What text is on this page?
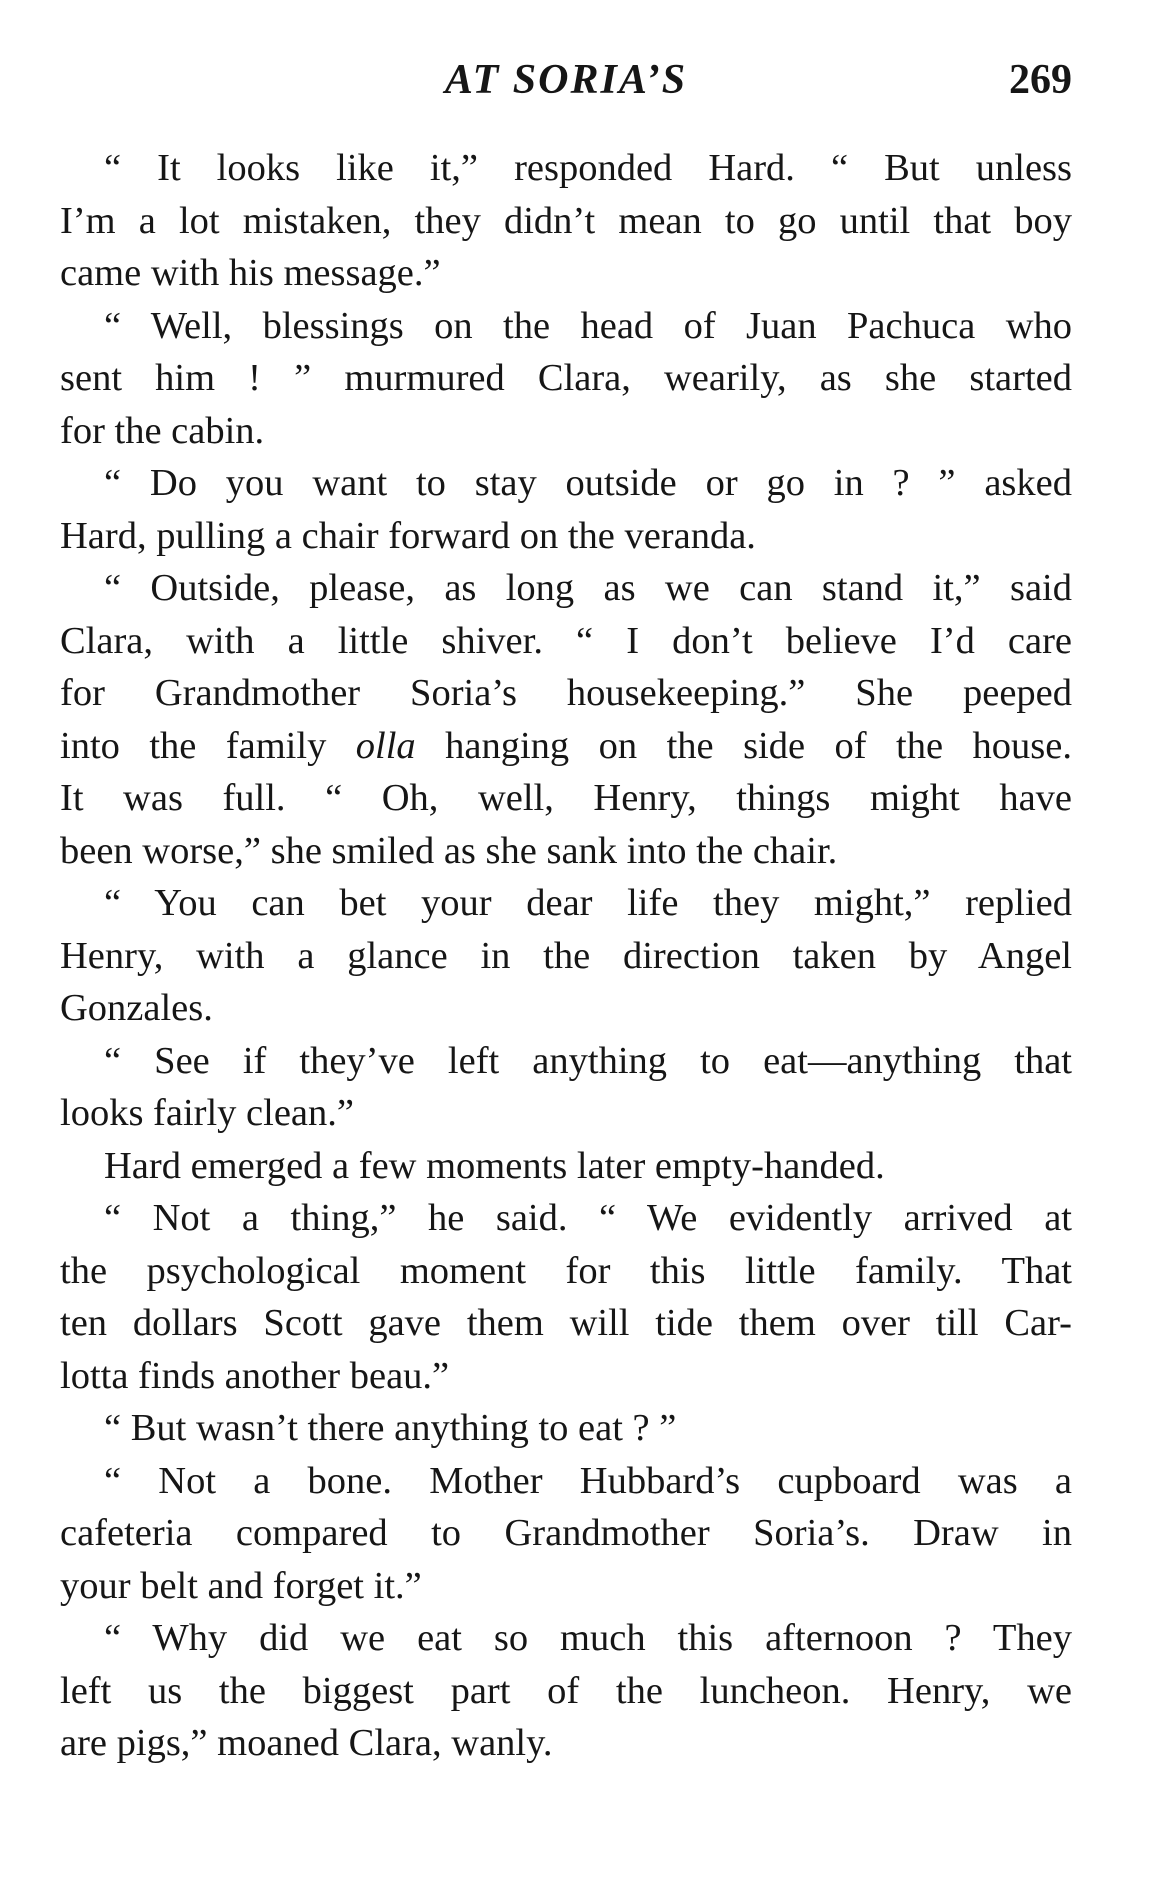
AT SORIA’S	269
“ It looks like it,” responded Hard. “ But unless
I’m a lot mistaken, they didn’t mean to go until that boy
came with his message.”
“ Well, blessings on the head of Juan Pachuca who
sent him ! ” murmured Clara, wearily, as she started
for the cabin.
“ Do you want to stay outside or go in ? ” asked
Hard, pulling a chair forward on the veranda.
“ Outside, please, as long as we can stand it,” said
Clara, with a little shiver. “ I don’t believe I’d care
for Grandmother Soria’s housekeeping.” She peeped
into the family olla hanging on the side of the house.
It was full. “ Oh, well, Henry, things might have
been worse,” she smiled as she sank into the chair.
“ You can bet your dear life they might,” replied
Henry, with a glance in the direction taken by Angel
Gonzales.
“ See if they’ve left anything to eat—anything that
looks fairly clean.”
Hard emerged a few moments later empty-handed.
“ Not a thing,” he said. “ We evidently arrived at
the psychological moment for this little family. That
ten dollars Scott gave them will tide them over till Car-
lotta finds another beau.”
“ But wasn’t there anything to eat ? ”
“ Not a bone. Mother Hubbard’s cupboard was a
cafeteria compared to Grandmother Soria’s. Draw in
your belt and forget it.”
“ Why did we eat so much this afternoon ? They
left us the biggest part of the luncheon. Henry, we
are pigs,” moaned Clara, wanly.
